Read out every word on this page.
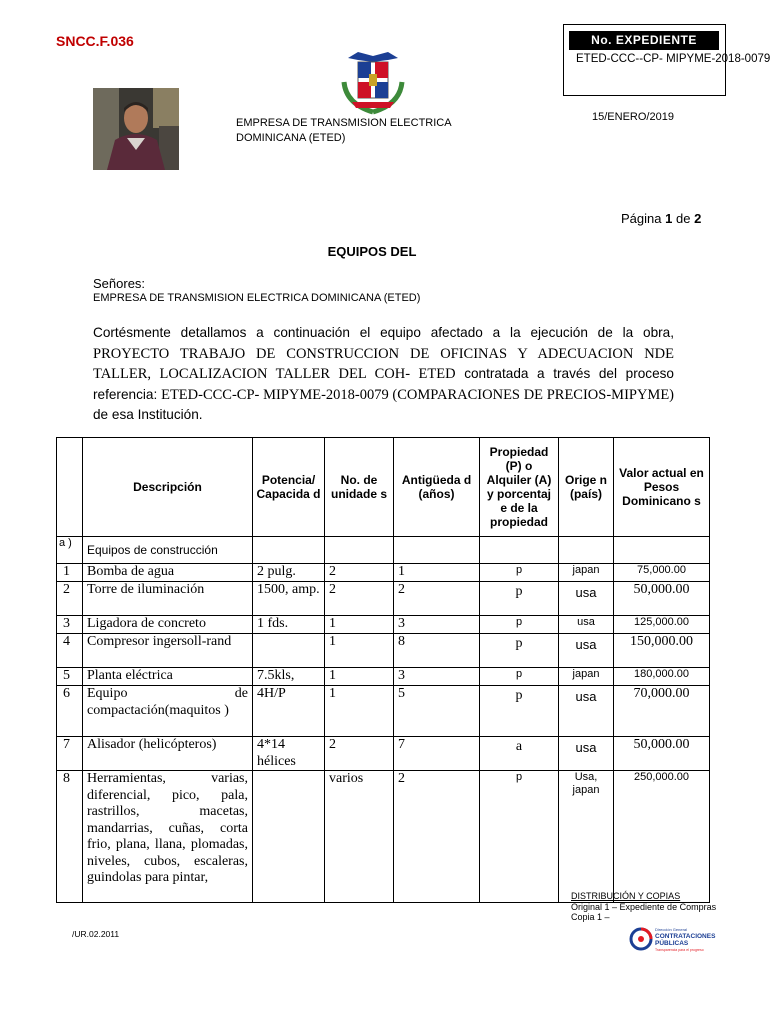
SNCC.F.036	No. EXPEDIENTE
ETED-CCC--CP- MIPYME-2018-0079
EMPRESA DE TRANSMISION ELECTRICA
DOMINICANA (ETED)
15/ENERO/2019
Página 1 de 2
EQUIPOS DEL
Señores:
EMPRESA DE TRANSMISION ELECTRICA DOMINICANA (ETED)
Cortésmente detallamos a continuación el equipo afectado a la ejecución de la obra, PROYECTO TRABAJO DE CONSTRUCCION DE OFICINAS Y ADECUACION NDE TALLER, LOCALIZACION TALLER DEL COH- ETED contratada a través del proceso referencia: ETED-CCC-CP- MIPYME-2018-0079 (COMPARACIONES DE PRECIOS-MIPYME) de esa Institución.
	Descripción	Potencia/ Capacida d	No. de unidade s	Antigüeda d (años)	Propiedad (P) o Alquiler (A) y porcentaj e de la propiedad	Orige n (país)	Valor actual en Pesos Dominicano s
a )	Equipos de construcción						
1	Bomba de agua	2 pulg.	2	1	p	japan	75,000.00
2	Torre de iluminación	1500, amp.	2	2	p	usa	50,000.00
3	Ligadora de concreto	1 fds.	1	3	p	usa	125,000.00
4	Compresor ingersoll-rand		1	8	p	usa	150,000.00
5	Planta eléctrica	7.5kls,	1	3	p	japan	180,000.00
6	Equipo de compactación(maquitos )	4H/P	1	5	p	usa	70,000.00
7	Alisador (helicópteros)	4*14 hélices	2	7	a	usa	50,000.00
8	Herramientas, varias, diferencial, pico, pala, rastrillos, macetas, mandarrias, cuñas, corta frio, plana, llana, plomadas, niveles, cubos, escaleras, guindolas para pintar,		varios	2	p	Usa, japan	250,000.00
DISTRIBUCIÓN Y COPIAS
Original 1 – Expediente de Compras
Copia 1 –
/UR.02.2011	Dirección General
CONTRATACIONES
PÚBLICAS
Transparencia para el progreso
